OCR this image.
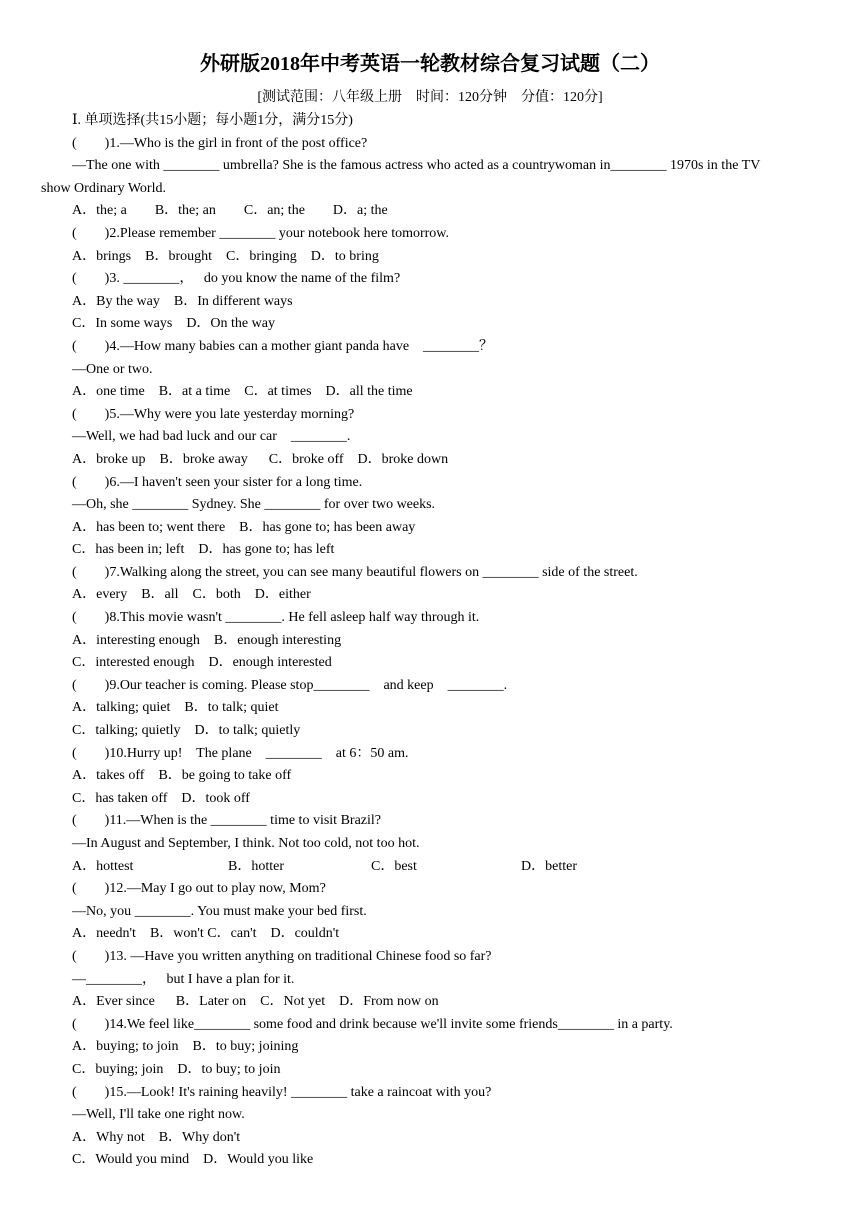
外研版2018年中考英语一轮教材综合复习试题（二）
[测试范围：八年级上册    时间：120分钟    分值：120分]
Ⅰ. 单项选择(共15小题；每小题1分，满分15分)
(        )1.—Who is the girl in front of the post office?
—The one with ________ umbrella? She is the famous actress who acted as a countrywoman in________ 1970s in the TV
show Ordinary World.
A．the; a        B．the; an        C．an; the        D．a; the
(        )2.Please remember ________ your notebook here tomorrow.
A．brings    B．brought    C．bringing    D．to bring
(        )3. ________，   do you know the name of the film?
A．By the way    B．In different ways
C．In some ways    D．On the way
(        )4.—How many babies can a mother giant panda have    ________？
—One or two.
A．one time    B．at a time    C．at times    D．all the time
(        )5.—Why were you late yesterday morning?
—Well, we had bad luck and our car    ________.
A．broke up    B．broke away      C．broke off    D．broke down
(        )6.—I haven't seen your sister for a long time.
—Oh, she ________ Sydney. She ________ for over two weeks.
A．has been to; went there    B．has gone to; has been away
C．has been in; left    D．has gone to; has left
(        )7.Walking along the street, you can see many beautiful flowers on ________ side of the street.
A．every    B．all    C．both    D．either
(        )8.This movie wasn't ________. He fell asleep half way through it.
A．interesting enough    B．enough interesting
C．interested enough    D．enough interested
(        )9.Our teacher is coming. Please stop________    and keep    ________.
A．talking; quiet    B．to talk; quiet
C．talking; quietly    D．to talk; quietly
(        )10.Hurry up!    The plane    ________    at 6：50 am.
A．takes off    B．be going to take off
C．has taken off    D．took off
(        )11.—When is the ________ time to visit Brazil?
—In August and September, I think. Not too cold, not too hot.
A．hottest	B．hotter	C．best	D．better
(        )12.—May I go out to play now, Mom?
—No, you ________. You must make your bed first.
A．needn't    B．won't C．can't    D．couldn't
(        )13. —Have you written anything on traditional Chinese food so far?
—________，   but I have a plan for it.
A．Ever since      B．Later on    C．Not yet    D．From now on
(        )14.We feel like________ some food and drink because we'll invite some friends________ in a party.
A．buying; to join    B．to buy; joining
C．buying; join    D．to buy; to join
(        )15.—Look! It's raining heavily! ________ take a raincoat with you?
—Well, I'll take one right now.
A．Why not    B．Why don't
C．Would you mind    D．Would you like
